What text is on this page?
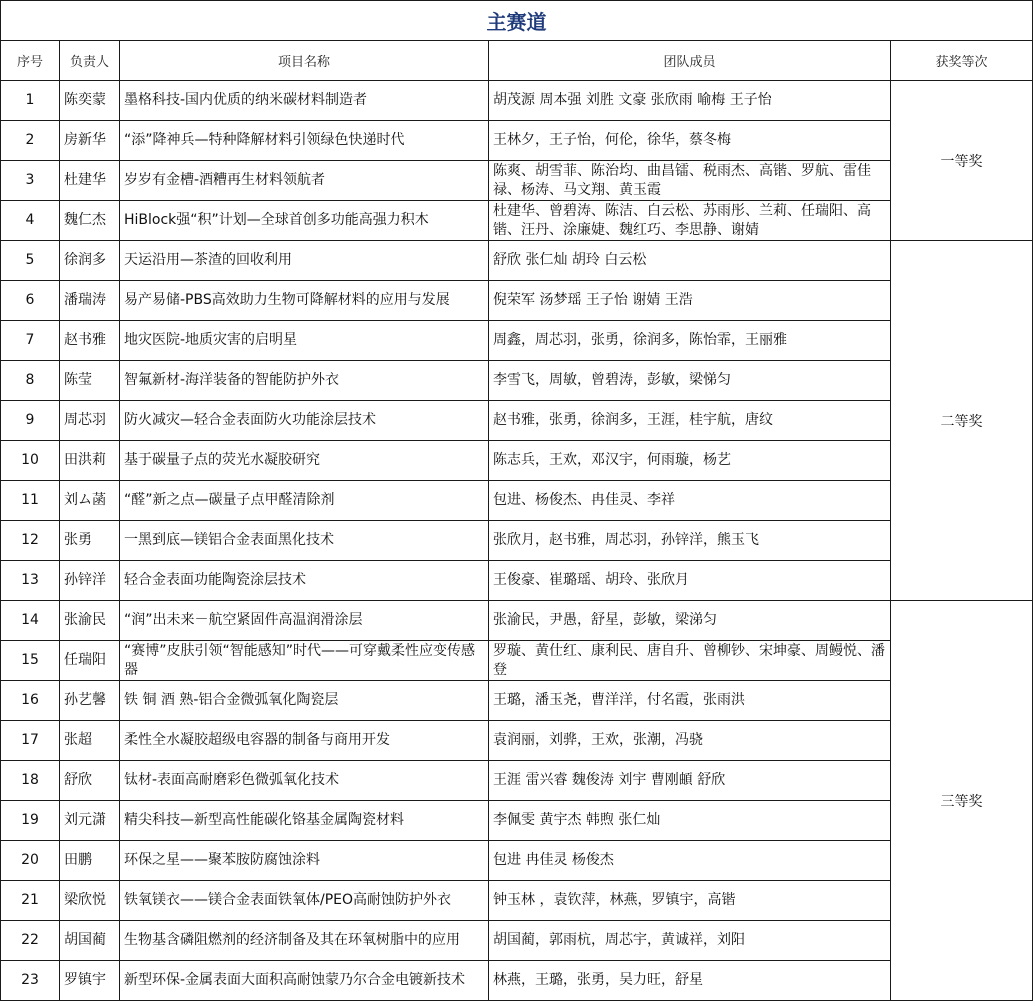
主赛道				
序号	负责人	项目名称	团队成员	获奖等次

1	陈奕蒙	墨格科技-国内优质的纳米碳材料制造者	胡茂源 周本强 刘胜 文豪 张欣雨 喻梅 王子怡	一等奖

2	房新华	“添”降神兵—特种降解材料引领绿色快递时代	王林夕，王子怡，何伦，徐华，蔡冬梅	

3	杜建华	岁岁有金槽-酒糟再生材料领航者	陈爽、胡雪菲、陈治均、曲昌镭、税雨杰、高锴、罗航、雷佳禄、杨涛、马文翔、黄玉霞	

4	魏仁杰	HiBlock强“积”计划—全球首创多功能高强力积木	杜建华、曾碧涛、陈洁、白云松、苏雨彤、兰莉、任瑞阳、高锴、汪丹、涂廉婕、魏红巧、李思静、谢婧	

5	徐润多	天运沿用—茶渣的回收利用	舒欣 张仁灿 胡玲 白云松	二等奖

6	潘瑞涛	易产易储-PBS高效助力生物可降解材料的应用与发展	倪荣军 汤梦瑶 王子怡 谢婧 王浩	

7	赵书雅	地灾医院-地质灾害的启明星	周鑫，周芯羽，张勇，徐润多，陈怡霏，王丽雅	

8	陈莹	智氟新材-海洋装备的智能防护外衣	李雪飞，周敏，曾碧涛，彭敏，梁悌匀	

9	周芯羽	防火减灾—轻合金表面防火功能涂层技术	赵书雅，张勇，徐润多，王涯，桂宇航，唐纹	

10	田洪莉	基于碳量子点的荧光水凝胶研究	陈志兵，王欢，邓汉宇，何雨璇，杨艺	

11	刘ム菡	“醛”新之点—碳量子点甲醛清除剂	包进、杨俊杰、冉佳灵、李祥	

12	张勇	一黑到底—镁铝合金表面黑化技术	张欣月，赵书雅，周芯羽，孙锌洋，熊玉飞	

13	孙锌洋	轻合金表面功能陶瓷涂层技术	王俊豪、崔璐瑶、胡玲、张欣月	

14	张渝民	“润”出未来－航空紧固件高温润滑涂层	张渝民，尹愚，舒星，彭敏，梁涕匀	三等奖

15	任瑞阳	“赛博”皮肤引领“智能感知”时代——可穿戴柔性应变传感器	罗璇、黄仕红、康利民、唐自升、曾柳钞、宋坤豪、周鳗悦、潘登	

16	孙艺馨	铁 铜 酒 熟-铝合金微弧氧化陶瓷层	王璐，潘玉尧，曹洋洋，付名霞，张雨洪	

17	张超	柔性全水凝胶超级电容器的制备与商用开发	袁润丽，刘骅，王欢，张潮，冯骁	

18	舒欣	钛材-表面高耐磨彩色微弧氧化技术	王涯 雷兴睿 魏俊涛 刘宇 曹刚頔 舒欣	

19	刘元潇	精尖科技—新型高性能碳化铬基金属陶瓷材料	李佩雯 黄宇杰 韩煦 张仁灿	

20	田鹏	环保之星——聚苯胺防腐蚀涂料	包进 冉佳灵 杨俊杰	

21	梁欣悦	铁氧镁衣——镁合金表面铁氧体/PEO高耐蚀防护外衣	钟玉林 ，袁钦萍，林燕，罗镇宇，高锴	

22	胡国蔺	生物基含磷阻燃剂的经济制备及其在环氧树脂中的应用	胡国蔺，郭雨杭，周芯宇，黄诚祥，刘阳	

23	罗镇宇	新型环保-金属表面大面积高耐蚀蒙乃尔合金电镀新技术	林燕，王璐，张勇，吴力旺，舒星	
